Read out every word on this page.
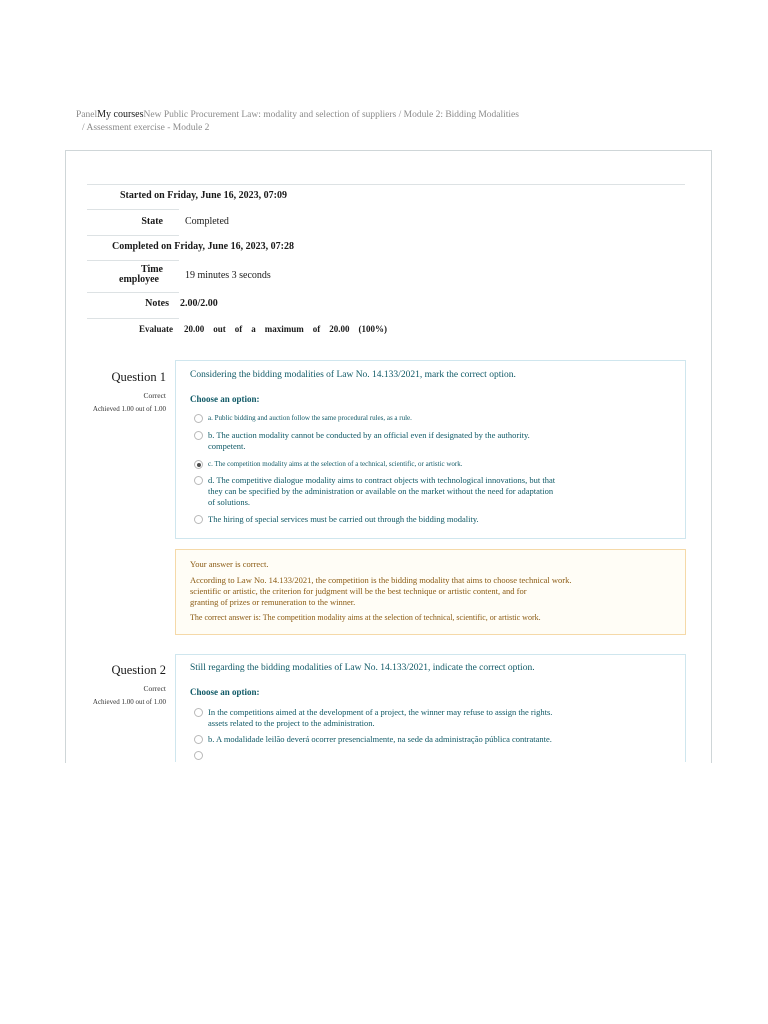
PanelMy coursesNew Public Procurement Law: modality and selection of suppliers / Module 2: Bidding Modalities
/ Assessment exercise - Module 2
Started on Friday, June 16, 2023, 07:09
State Completed
Completed on Friday, June 16, 2023, 07:28
Time
employee	19 minutes 3 seconds
Notes 2.00/2.00
Evaluate 20.00    out    of    a    maximum    of    20.00    (100%)
Question 1
Correct
Achieved 1.00 out of 1.00
Considering the bidding modalities of Law No. 14.133/2021, mark the correct option.
Choose an option:
a. Public bidding and auction follow the same procedural rules, as a rule.
b. The auction modality cannot be conducted by an official even if designated by the authority.
competent.
c. The competition modality aims at the selection of a technical, scientific, or artistic work.
d. The competitive dialogue modality aims to contract objects with technological innovations, but that
they can be specified by the administration or available on the market without the need for adaptation
of solutions.
The hiring of special services must be carried out through the bidding modality.
Your answer is correct.
According to Law No. 14.133/2021, the competition is the bidding modality that aims to choose technical work.
scientific or artistic, the criterion for judgment will be the best technique or artistic content, and for
granting of prizes or remuneration to the winner.
The correct answer is: The competition modality aims at the selection of technical, scientific, or artistic work.
Question 2
Correct
Achieved 1.00 out of 1.00
Still regarding the bidding modalities of Law No. 14.133/2021, indicate the correct option.
Choose an option:
In the competitions aimed at the development of a project, the winner may refuse to assign the rights.
assets related to the project to the administration.
b. A modalidade leilão deverá ocorrer presencialmente, na sede da administração pública contratante.
